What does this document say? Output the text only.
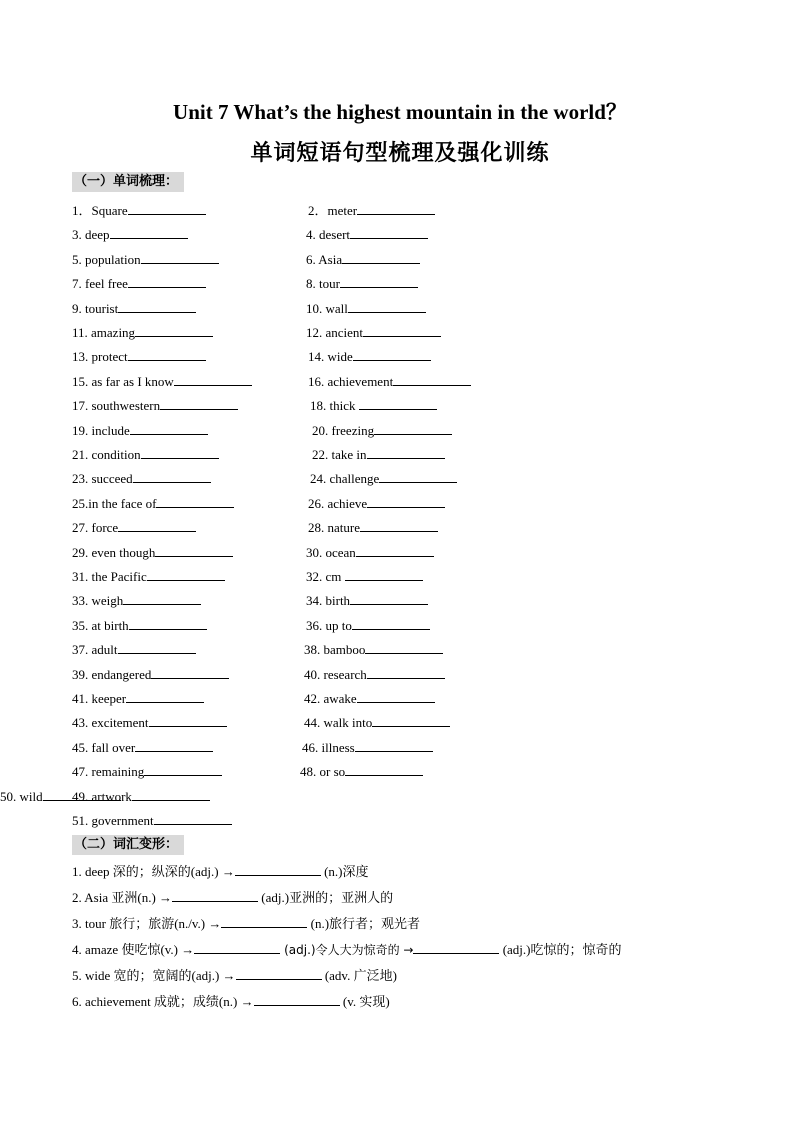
Unit 7 What’s the highest mountain in the world？
单词短语句型梳理及强化训练
（一）单词梳理：
1．Square	2．meter
3. deep	4. desert
5. population	6. Asia
7. feel free	8. tour
9. tourist	10. wall
11. amazing	12. ancient
13. protect	14. wide
15. as far as I know	16. achievement
17. southwestern	18. thick
19. include	20. freezing
21. condition	22. take in
23. succeed	24. challenge
25.in the face of	26. achieve
27. force	28. nature
29. even though	30. ocean
31. the Pacific	32. cm
33. weigh	34. birth
35. at birth	36. up to
37. adult	38. bamboo
39. endangered	40. research
41. keeper	42. awake
43. excitement	44. walk into
45. fall over	46. illness
47. remaining	48. or so
49. artwork
50. wild
51. government
（二）词汇变形：
1. deep 深的；纵深的(adj.) →	(n.)深度
2. Asia 亚洲(n.) →	(adj.)亚洲的；亚洲人的
3. tour 旅行；旅游(n./v.) →	(n.)旅行者；观光者
4. amaze 使吃惊(v.) →	(adj.)令人大为惊奇的 →	(adj.)吃惊的；惊奇的
5. wide 宽的；宽阔的(adj.) →	(adv. 广泛地)
6. achievement 成就；成绩(n.) →	(v. 实现)
